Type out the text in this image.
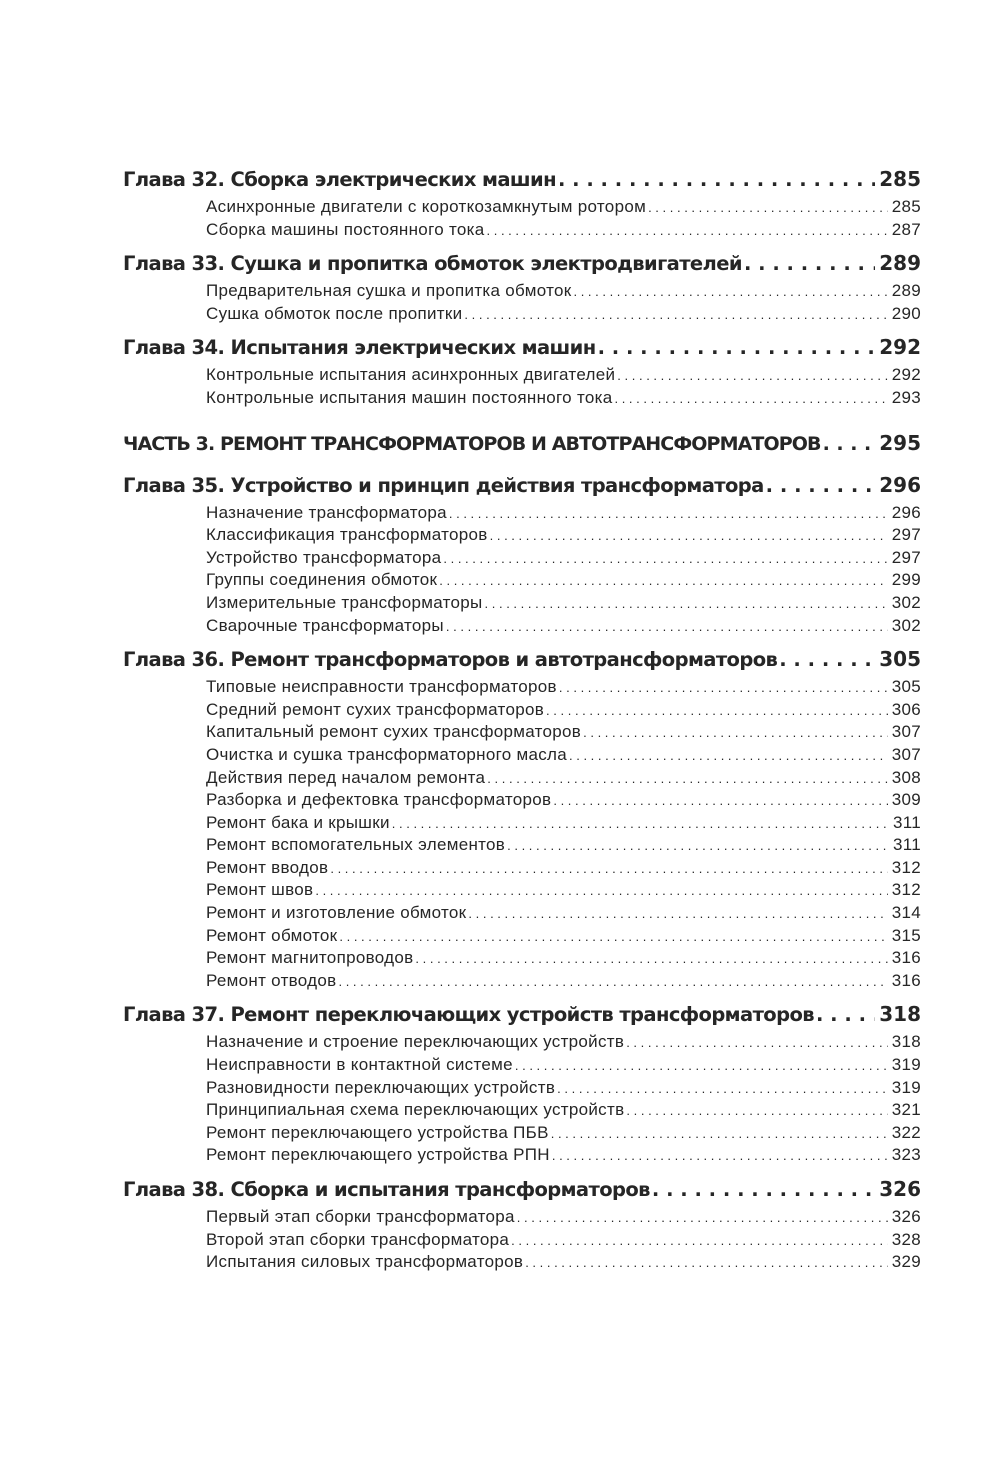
Глава 32. Сборка электрических машин . . .	285
Асинхронные двигатели с короткозамкнутым ротором . . .	285
Сборка машины постоянного тока . . .	287
Глава 33. Сушка и пропитка обмоток электродвигателей . . .	289
Предварительная сушка и пропитка обмоток . . .	289
Сушка обмоток после пропитки . . .	290
Глава 34. Испытания электрических машин . . .	292
Контрольные испытания асинхронных двигателей . . .	292
Контрольные испытания машин постоянного тока . . .	293
ЧАСТЬ 3. РЕМОНТ ТРАНСФОРМАТОРОВ И АВТОТРАНСФОРМАТОРОВ . . .	295
Глава 35. Устройство и принцип действия трансформатора . . .	296
Назначение трансформатора . . .	296
Классификация трансформаторов . . .	297
Устройство трансформатора . . .	297
Группы соединения обмоток . . .	299
Измерительные трансформаторы . . .	302
Сварочные трансформаторы . . .	302
Глава 36. Ремонт трансформаторов и автотрансформаторов . . .	305
Типовые неисправности трансформаторов . . .	305
Средний ремонт сухих трансформаторов . . .	306
Капитальный ремонт сухих трансформаторов . . .	307
Очистка и сушка трансформаторного масла . . .	307
Действия перед началом ремонта . . .	308
Разборка и дефектовка трансформаторов . . .	309
Ремонт бака и крышки . . .	311
Ремонт вспомогательных элементов . . .	311
Ремонт вводов . . .	312
Ремонт швов . . .	312
Ремонт и изготовление обмоток . . .	314
Ремонт обмоток . . .	315
Ремонт магнитопроводов . . .	316
Ремонт отводов . . .	316
Глава 37. Ремонт переключающих устройств трансформаторов . . .	318
Назначение и строение переключающих устройств . . .	318
Неисправности в контактной системе . . .	319
Разновидности переключающих устройств . . .	319
Принципиальная схема переключающих устройств . . .	321
Ремонт переключающего устройства ПБВ . . .	322
Ремонт переключающего устройства РПН . . .	323
Глава 38. Сборка и испытания трансформаторов . . .	326
Первый этап сборки трансформатора . . .	326
Второй этап сборки трансформатора . . .	328
Испытания силовых трансформаторов . . .	329
